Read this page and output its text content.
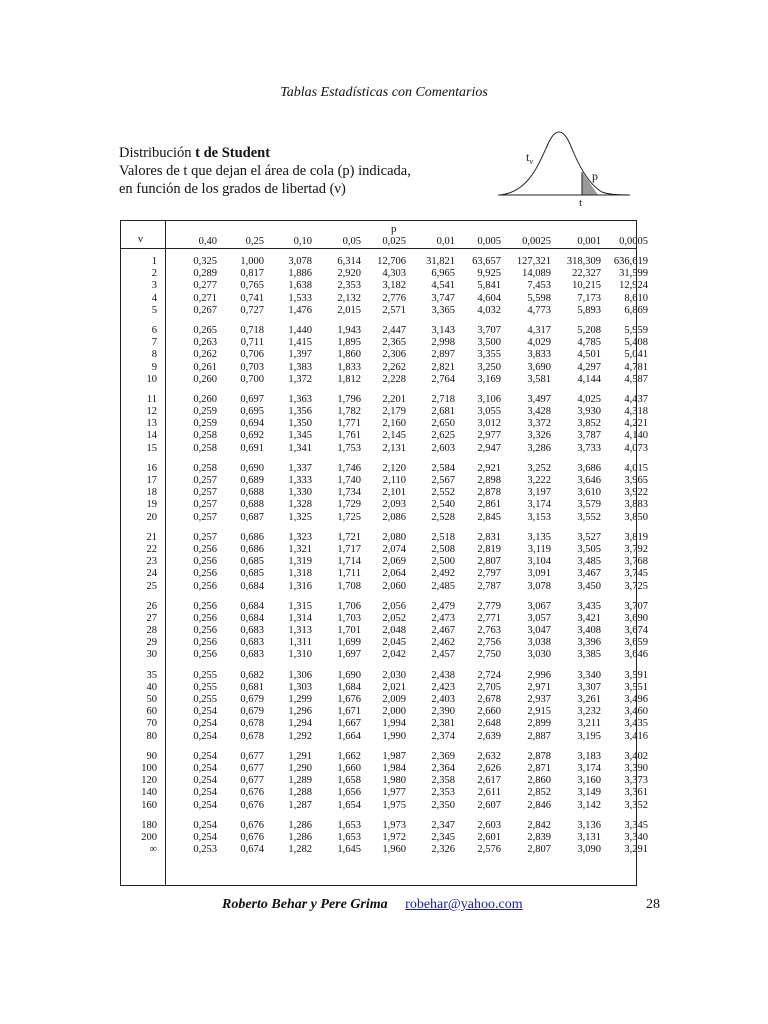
Tablas Estadísticas con Comentarios
Distribución t de Student
Valores de t que dejan el área de cola (p) indicada,
en función de los grados de libertad (ν)
$t_\nu$
p
t
ν
p
0,40	0,25	0,10	0,05	0,025	0,01	0,005	0,0025	0,001	0,0005
1	0,325	1,000	3,078	6,314	12,706	31,821	63,657	127,321	318,309	636,619
2	0,289	0,817	1,886	2,920	4,303	6,965	9,925	14,089	22,327	31,599
3	0,277	0,765	1,638	2,353	3,182	4,541	5,841	7,453	10,215	12,924
4	0,271	0,741	1,533	2,132	2,776	3,747	4,604	5,598	7,173	8,610
5	0,267	0,727	1,476	2,015	2,571	3,365	4,032	4,773	5,893	6,869
6	0,265	0,718	1,440	1,943	2,447	3,143	3,707	4,317	5,208	5,959
7	0,263	0,711	1,415	1,895	2,365	2,998	3,500	4,029	4,785	5,408
8	0,262	0,706	1,397	1,860	2,306	2,897	3,355	3,833	4,501	5,041
9	0,261	0,703	1,383	1,833	2,262	2,821	3,250	3,690	4,297	4,781
10	0,260	0,700	1,372	1,812	2,228	2,764	3,169	3,581	4,144	4,587
11	0,260	0,697	1,363	1,796	2,201	2,718	3,106	3,497	4,025	4,437
12	0,259	0,695	1,356	1,782	2,179	2,681	3,055	3,428	3,930	4,318
13	0,259	0,694	1,350	1,771	2,160	2,650	3,012	3,372	3,852	4,221
14	0,258	0,692	1,345	1,761	2,145	2,625	2,977	3,326	3,787	4,140
15	0,258	0,691	1,341	1,753	2,131	2,603	2,947	3,286	3,733	4,073
16	0,258	0,690	1,337	1,746	2,120	2,584	2,921	3,252	3,686	4,015
17	0,257	0,689	1,333	1,740	2,110	2,567	2,898	3,222	3,646	3,965
18	0,257	0,688	1,330	1,734	2,101	2,552	2,878	3,197	3,610	3,922
19	0,257	0,688	1,328	1,729	2,093	2,540	2,861	3,174	3,579	3,883
20	0,257	0,687	1,325	1,725	2,086	2,528	2,845	3,153	3,552	3,850
21	0,257	0,686	1,323	1,721	2,080	2,518	2,831	3,135	3,527	3,819
22	0,256	0,686	1,321	1,717	2,074	2,508	2,819	3,119	3,505	3,792
23	0,256	0,685	1,319	1,714	2,069	2,500	2,807	3,104	3,485	3,768
24	0,256	0,685	1,318	1,711	2,064	2,492	2,797	3,091	3,467	3,745
25	0,256	0,684	1,316	1,708	2,060	2,485	2,787	3,078	3,450	3,725
26	0,256	0,684	1,315	1,706	2,056	2,479	2,779	3,067	3,435	3,707
27	0,256	0,684	1,314	1,703	2,052	2,473	2,771	3,057	3,421	3,690
28	0,256	0,683	1,313	1,701	2,048	2,467	2,763	3,047	3,408	3,674
29	0,256	0,683	1,311	1,699	2,045	2,462	2,756	3,038	3,396	3,659
30	0,256	0,683	1,310	1,697	2,042	2,457	2,750	3,030	3,385	3,646
35	0,255	0,682	1,306	1,690	2,030	2,438	2,724	2,996	3,340	3,591
40	0,255	0,681	1,303	1,684	2,021	2,423	2,705	2,971	3,307	3,551
50	0,255	0,679	1,299	1,676	2,009	2,403	2,678	2,937	3,261	3,496
60	0,254	0,679	1,296	1,671	2,000	2,390	2,660	2,915	3,232	3,460
70	0,254	0,678	1,294	1,667	1,994	2,381	2,648	2,899	3,211	3,435
80	0,254	0,678	1,292	1,664	1,990	2,374	2,639	2,887	3,195	3,416
90	0,254	0,677	1,291	1,662	1,987	2,369	2,632	2,878	3,183	3,402
100	0,254	0,677	1,290	1,660	1,984	2,364	2,626	2,871	3,174	3,390
120	0,254	0,677	1,289	1,658	1,980	2,358	2,617	2,860	3,160	3,373
140	0,254	0,676	1,288	1,656	1,977	2,353	2,611	2,852	3,149	3,361
160	0,254	0,676	1,287	1,654	1,975	2,350	2,607	2,846	3,142	3,352
180	0,254	0,676	1,286	1,653	1,973	2,347	2,603	2,842	3,136	3,345
200	0,254	0,676	1,286	1,653	1,972	2,345	2,601	2,839	3,131	3,340
∞	0,253	0,674	1,282	1,645	1,960	2,326	2,576	2,807	3,090	3,291
Roberto Behar y Pere Grima robehar@yahoo.com	28
